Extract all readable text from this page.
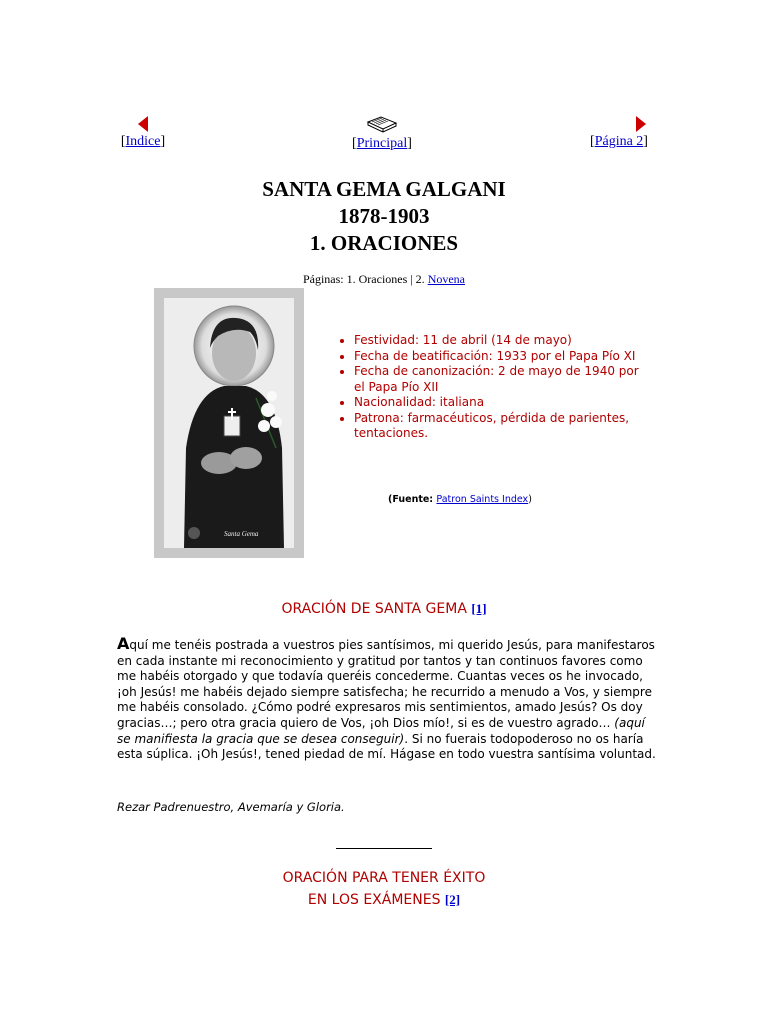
[Indice]	[Principal]	[Página 2]
SANTA GEMA GALGANI
1878-1903
1. ORACIONES
Páginas: 1. Oraciones | 2. Novena
Santa Gema
• Festividad: 11 de abril (14 de mayo)
• Fecha de beatificación: 1933 por el Papa Pío XI
• Fecha de canonización: 2 de mayo de 1940 por el Papa Pío XII
• Nacionalidad: italiana
• Patrona: farmacéuticos, pérdida de parientes, tentaciones.
(Fuente: Patron Saints Index)
ORACIÓN DE SANTA GEMA [1]
Aquí me tenéis postrada a vuestros pies santísimos, mi querido Jesús, para manifestaros en cada instante mi reconocimiento y gratitud por tantos y tan continuos favores como me habéis otorgado y que todavía queréis concederme. Cuantas veces os he invocado, ¡oh Jesús! me habéis dejado siempre satisfecha; he recurrido a menudo a Vos, y siempre me habéis consolado. ¿Cómo podré expresaros mis sentimientos, amado Jesús? Os doy gracias…; pero otra gracia quiero de Vos, ¡oh Dios mío!, si es de vuestro agrado… (aquí se manifiesta la gracia que se desea conseguir). Si no fuerais todopoderoso no os haría esta súplica. ¡Oh Jesús!, tened piedad de mí. Hágase en todo vuestra santísima voluntad.
Rezar Padrenuestro, Avemaría y Gloria.
ORACIÓN PARA TENER ÉXITO
EN LOS EXÁMENES [2]
